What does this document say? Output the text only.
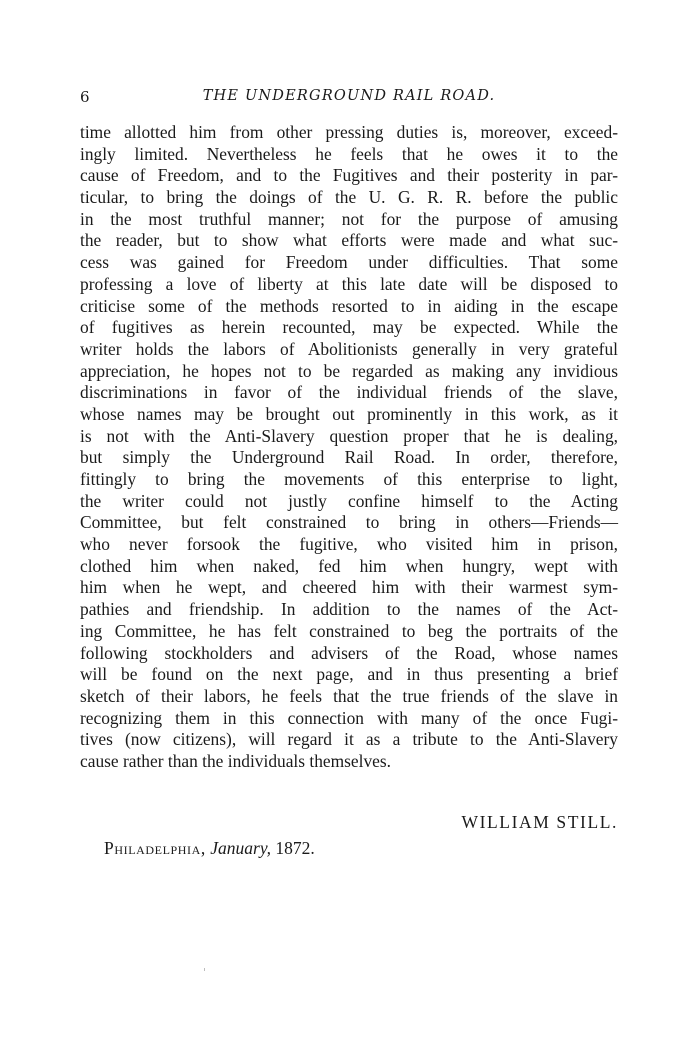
6	THE UNDERGROUND RAIL ROAD.
time allotted him from other pressing duties is, moreover, exceed-
ingly limited. Nevertheless he feels that he owes it to the
cause of Freedom, and to the Fugitives and their posterity in par-
ticular, to bring the doings of the U. G. R. R. before the public
in the most truthful manner; not for the purpose of amusing
the reader, but to show what efforts were made and what suc-
cess was gained for Freedom under difficulties. That some
professing a love of liberty at this late date will be disposed to
criticise some of the methods resorted to in aiding in the escape
of fugitives as herein recounted, may be expected. While the
writer holds the labors of Abolitionists generally in very grateful
appreciation, he hopes not to be regarded as making any invidious
discriminations in favor of the individual friends of the slave,
whose names may be brought out prominently in this work, as it
is not with the Anti-Slavery question proper that he is dealing,
but simply the Underground Rail Road. In order, therefore,
fittingly to bring the movements of this enterprise to light,
the writer could not justly confine himself to the Acting
Committee, but felt constrained to bring in others—Friends—
who never forsook the fugitive, who visited him in prison,
clothed him when naked, fed him when hungry, wept with
him when he wept, and cheered him with their warmest sym-
pathies and friendship. In addition to the names of the Act-
ing Committee, he has felt constrained to beg the portraits of the
following stockholders and advisers of the Road, whose names
will be found on the next page, and in thus presenting a brief
sketch of their labors, he feels that the true friends of the slave in
recognizing them in this connection with many of the once Fugi-
tives (now citizens), will regard it as a tribute to the Anti-Slavery
cause rather than the individuals themselves.
WILLIAM STILL.
Philadelphia, January, 1872.
